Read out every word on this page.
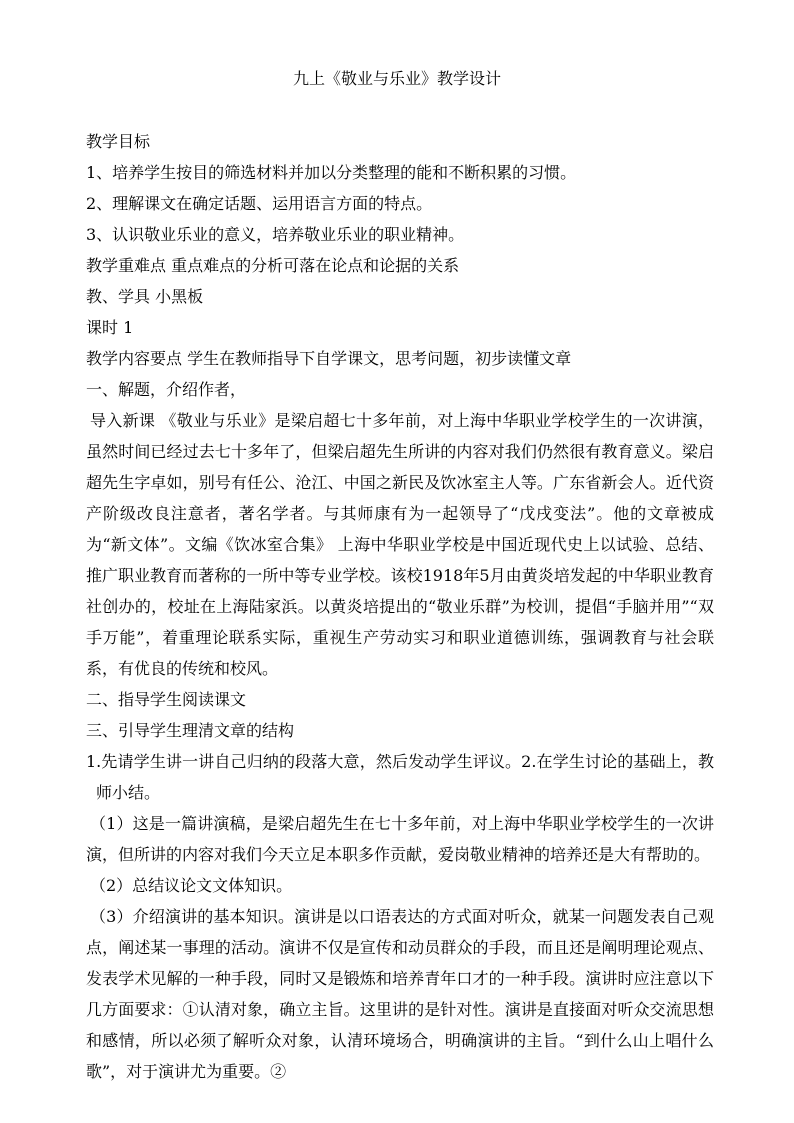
九上《敬业与乐业》教学设计

教学目标

1、培养学生按目的筛选材料并加以分类整理的能和不断积累的习惯。

2、理解课文在确定话题、运用语言方面的特点。

3、认识敬业乐业的意义，培养敬业乐业的职业精神。

教学重难点 重点难点的分析可落在论点和论据的关系

教、学具 小黑板

课时 1

教学内容要点 学生在教师指导下自学课文，思考问题，初步读懂文章

一、解题，介绍作者，

导入新课 《敬业与乐业》是梁启超七十多年前，对上海中华职业学校学生的一次讲演，虽然时间已经过去七十多年了，但梁启超先生所讲的内容对我们仍然很有教育意义。梁启超先生字卓如，别号有任公、沧江、中国之新民及饮冰室主人等。广东省新会人。近代资产阶级改良注意者，著名学者。与其师康有为一起领导了“戊戌变法”。他的文章被成为“新文体”。文编《饮冰室合集》 上海中华职业学校是中国近现代史上以试验、总结、推广职业教育而著称的一所中等专业学校。该校1918年5月由黄炎培发起的中华职业教育社创办的，校址在上海陆家浜。以黄炎培提出的“敬业乐群”为校训，提倡“手脑并用”“双手万能”，着重理论联系实际，重视生产劳动实习和职业道德训练，强调教育与社会联系，有优良的传统和校风。

二、指导学生阅读课文

三、引导学生理清文章的结构

1.先请学生讲一讲自己归纳的段落大意，然后发动学生评议。2.在学生讨论的基础上，教师小结。

（1）这是一篇讲演稿，是梁启超先生在七十多年前，对上海中华职业学校学生的一次讲演，但所讲的内容对我们今天立足本职多作贡献，爱岗敬业精神的培养还是大有帮助的。

（2）总结议论文文体知识。

（3）介绍演讲的基本知识。演讲是以口语表达的方式面对听众，就某一问题发表自己观点，阐述某一事理的活动。演讲不仅是宣传和动员群众的手段，而且还是阐明理论观点、发表学术见解的一种手段，同时又是锻炼和培养青年口才的一种手段。演讲时应注意以下几方面要求：①认清对象，确立主旨。这里讲的是针对性。演讲是直接面对听众交流思想和感情，所以必须了解听众对象，认清环境场合，明确演讲的主旨。“到什么山上唱什么歌”，对于演讲尤为重要。②
